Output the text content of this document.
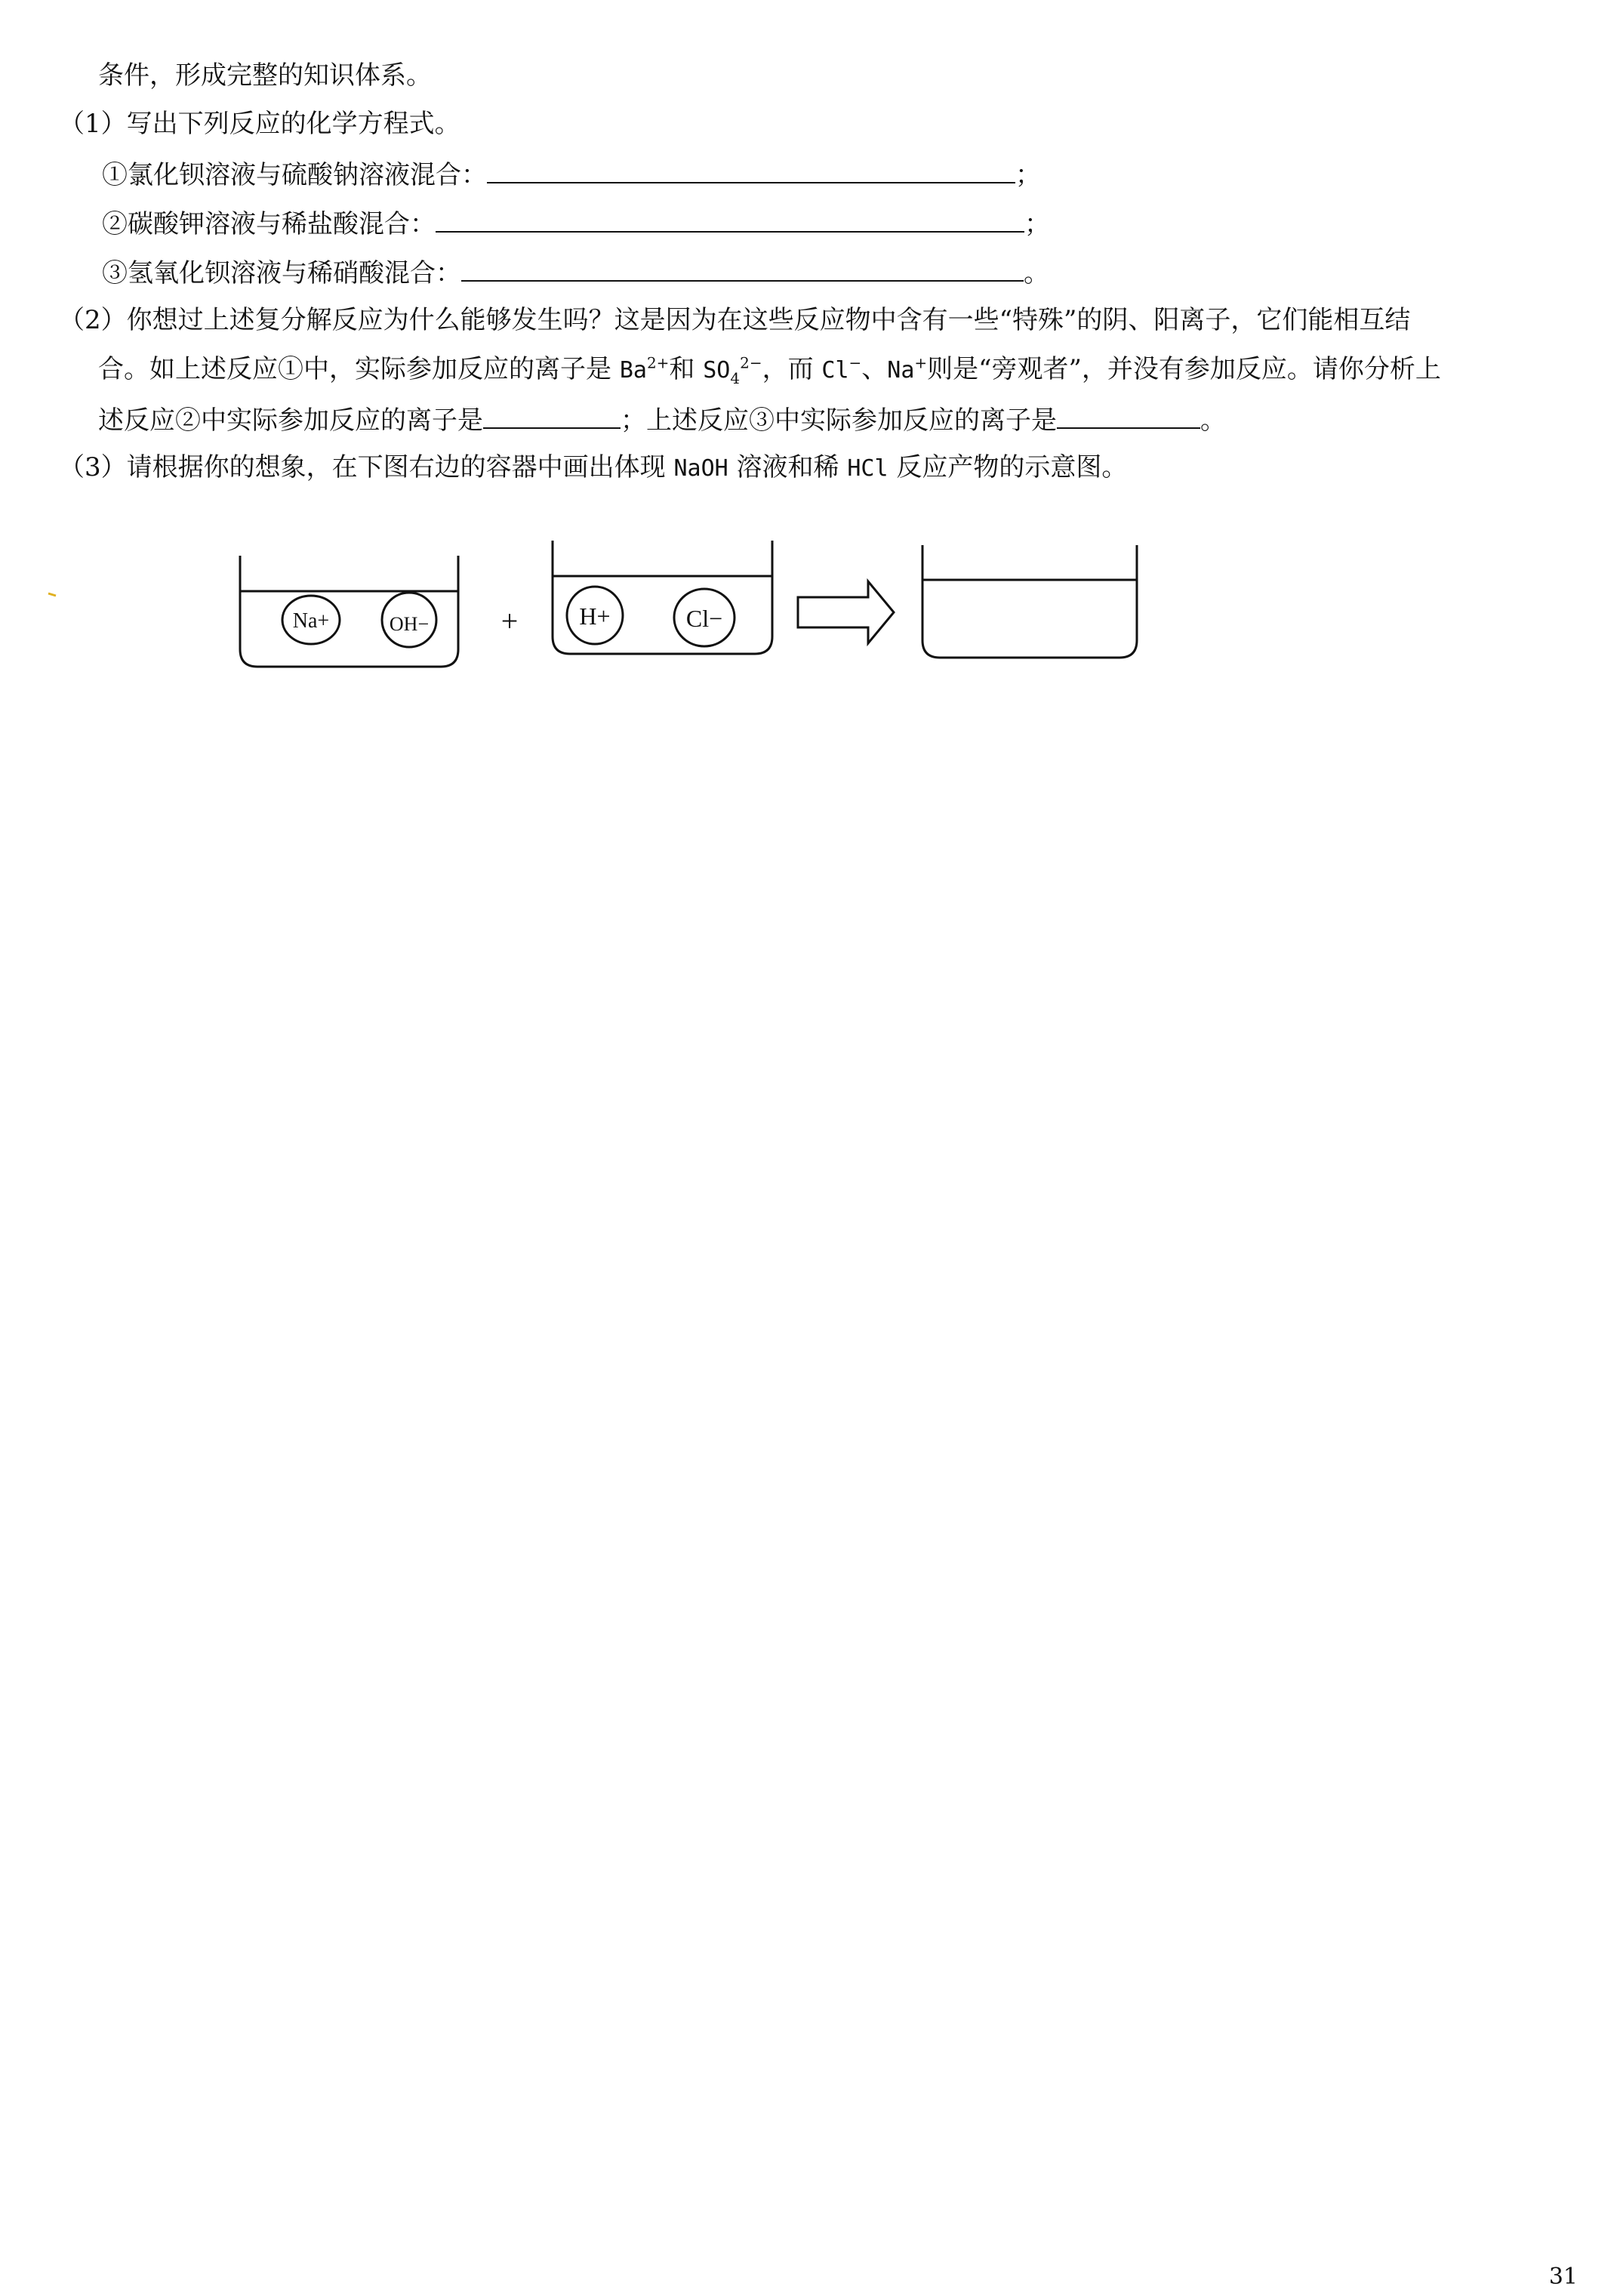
条件，形成完整的知识体系。
（1）写出下列反应的化学方程式。
①氯化钡溶液与硫酸钠溶液混合：	；
②碳酸钾溶液与稀盐酸混合：	；
③氢氧化钡溶液与稀硝酸混合：	。
（2）你想过上述复分解反应为什么能够发生吗？这是因为在这些反应物中含有一些“特殊”的阴、阳离子，它们能相互结
合。如上述反应①中，实际参加反应的离子是 $Ba^{2+}$和 $SO_4^{2-}$，而 Cl−、Na+则是“旁观者”，并没有参加反应。请你分析上
述反应②中实际参加反应的离子是	；上述反应③中实际参加反应的离子是	。
（3）请根据你的想象，在下图右边的容器中画出体现 NaOH 溶液和稀 HCl 反应产物的示意图。
Na+	OH− +	H+	Cl−
31
